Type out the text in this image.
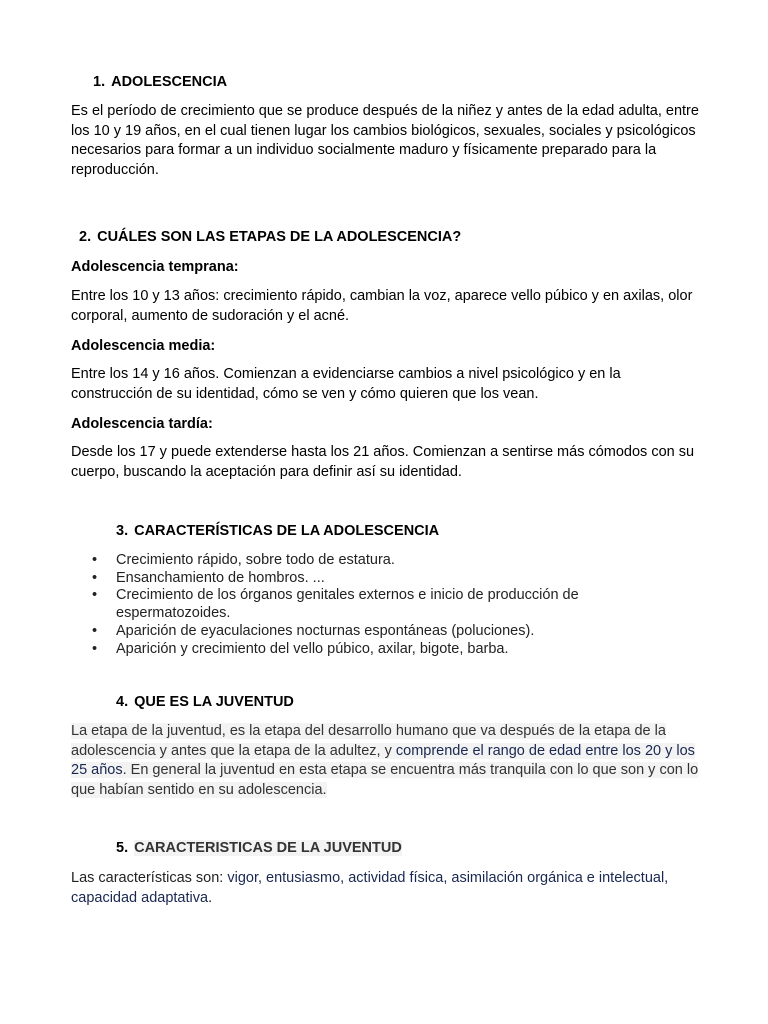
1. ADOLESCENCIA
Es el período de crecimiento que se produce después de la niñez y antes de la edad adulta, entre los 10 y 19 años, en el cual tienen lugar los cambios biológicos, sexuales, sociales y psicológicos necesarios para formar a un individuo socialmente maduro y físicamente preparado para la reproducción.
2. CUÁLES SON LAS ETAPAS DE LA ADOLESCENCIA?
Adolescencia temprana:
Entre los 10 y 13 años: crecimiento rápido, cambian la voz, aparece vello púbico y en axilas, olor corporal, aumento de sudoración y el acné.
Adolescencia media:
Entre los 14 y 16 años. Comienzan a evidenciarse cambios a nivel psicológico y en la construcción de su identidad, cómo se ven y cómo quieren que los vean.
Adolescencia tardía:
Desde los 17 y puede extenderse hasta los 21 años. Comienzan a sentirse más cómodos con su cuerpo, buscando la aceptación para definir así su identidad.
3. CARACTERÍSTICAS DE LA ADOLESCENCIA
•	Crecimiento rápido, sobre todo de estatura.
•	Ensanchamiento de hombros. ...
•	Crecimiento de los órganos genitales externos e inicio de producción de espermatozoides.
•	Aparición de eyaculaciones nocturnas espontáneas (poluciones).
•	Aparición y crecimiento del vello púbico, axilar, bigote, barba.
4. QUE ES LA JUVENTUD
La etapa de la juventud, es la etapa del desarrollo humano que va después de la etapa de la adolescencia y antes que la etapa de la adultez, y comprende el rango de edad entre los 20 y los 25 años. En general la juventud en esta etapa se encuentra más tranquila con lo que son y con lo que habían sentido en su adolescencia.
5. CARACTERISTICAS DE LA JUVENTUD
Las características son: vigor, entusiasmo, actividad física, asimilación orgánica e intelectual, capacidad adaptativa.
